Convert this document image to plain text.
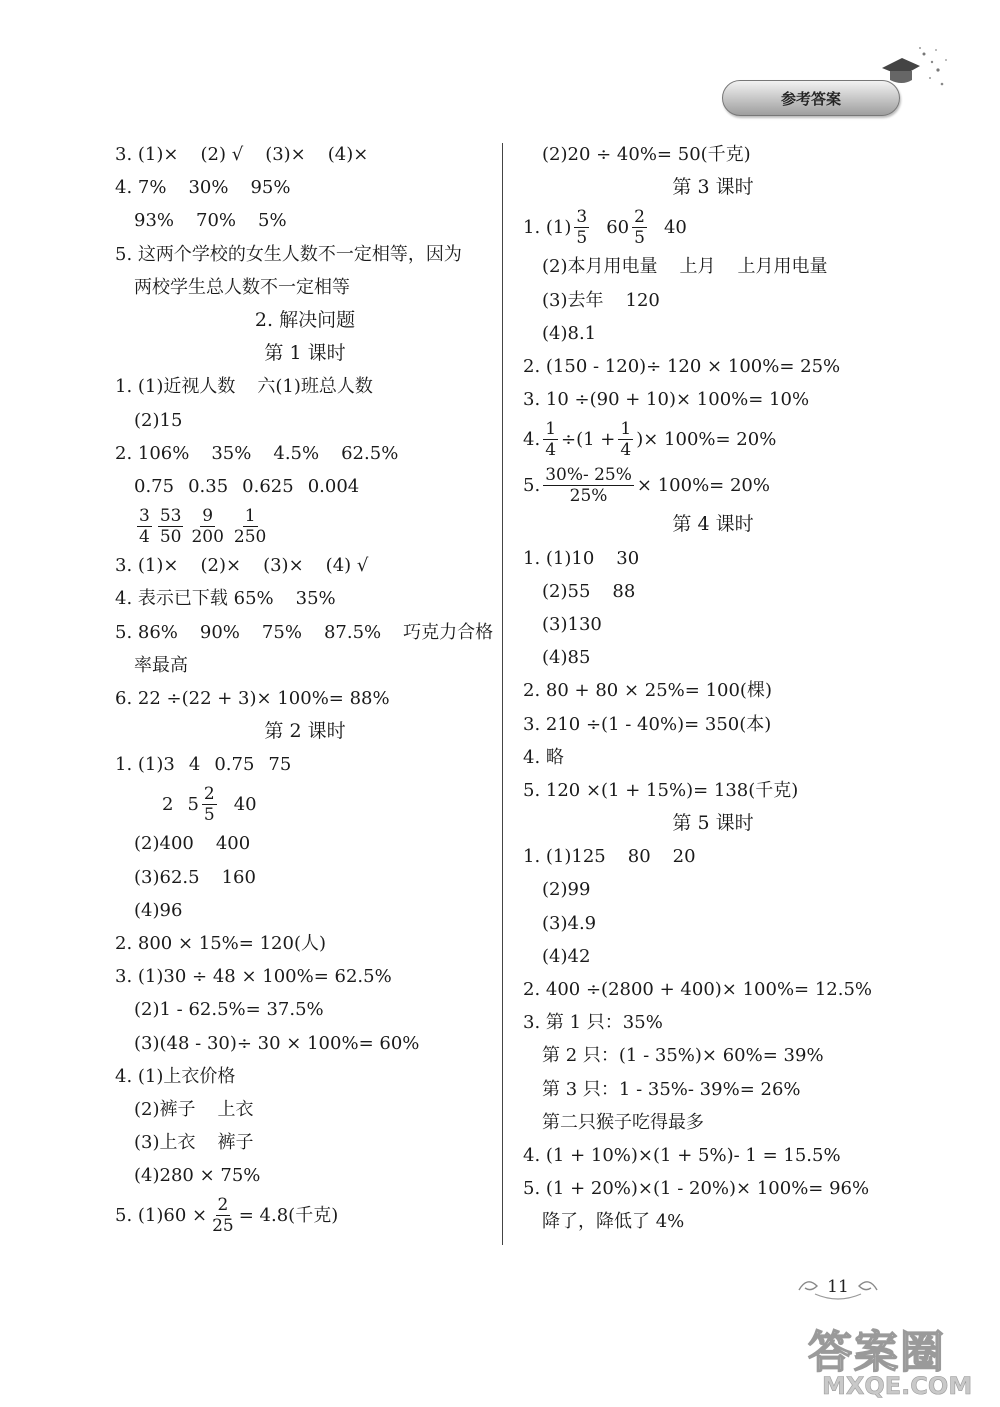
参考答案
3. (1)× (2) √ (3)× (4)×
4. 7% 30% 95%
93% 70% 5%
5. 这两个学校的女生人数不一定相等，因为
两校学生总人数不一定相等
2. 解决问题
第 1 课时
1. (1)近视人数 六(1)班总人数
(2)15
2. 106% 35% 4.5% 62.5%
0.75 0.35 0.625 0.004
$\frac{3}{4} \frac{53}{50} \frac{9}{200} \frac{1}{250}$
3. (1)× (2)× (3)× (4) √
4. 表示已下载 65% 35%
5. 86% 90% 75% 87.5% 巧克力合格
率最高
6. 22 ÷(22 + 3)× 100%= 88%
第 2 课时
1. (1)3 4 0.75 75
2 $5 \frac{2}{5} 40$
(2)400 400
(3)62.5 160
(4)96
2. 800 × 15%= 120(人)
3. (1)30 ÷ 48 × 100%= 62.5%
(2)1 - 62.5%= 37.5%
(3)(48 - 30)÷ 30 × 100%= 60%
4. (1)上衣价格
(2)裤子 上衣
(3)上衣 裤子
(4)280 × 75%
5. $(1)60 \times \frac{2}{25} = 4.8$(千克)
(2)20 ÷ 40%= 50(千克)
第 3 课时
1. $(1) \frac{3}{5} 60 \frac{2}{5} 40$
(2)本月用电量 上月 上月用电量
(3)去年 120
(4)8.1
2. (150 - 120)÷ 120 × 100%= 25%
3. 10 ÷(90 + 10)× 100%= 10%
4. $\frac{1}{4} \div(1 + \frac{1}{4}$ )× 100%= 20%
5. $\frac{30\%- 25\%}{25\%} \times 100\%= 20\%$
第 4 课时
1. (1)10 30
(2)55 88
(3)130
(4)85
2. 80 + 80 × 25%= 100(棵)
3. 210 ÷(1 - 40%)= 350(本)
4. 略
5. 120 ×(1 + 15%)= 138(千克)
第 5 课时
1. (1)125 80 20
(2)99
(3)4.9
(4)42
2. 400 ÷(2800 + 400)× 100%= 12.5%
3. 第 1 只：35%
第 2 只：(1 - 35%)× 60%= 39%
第 3 只：1 - 35%- 39%= 26%
第二只猴子吃得最多
4. (1 + 10%)×(1 + 5%)- 1 = 15.5%
5. (1 + 20%)×(1 - 20%)× 100%= 96%
降了，降低了 4%
11
答案圈
MXQE.COM
